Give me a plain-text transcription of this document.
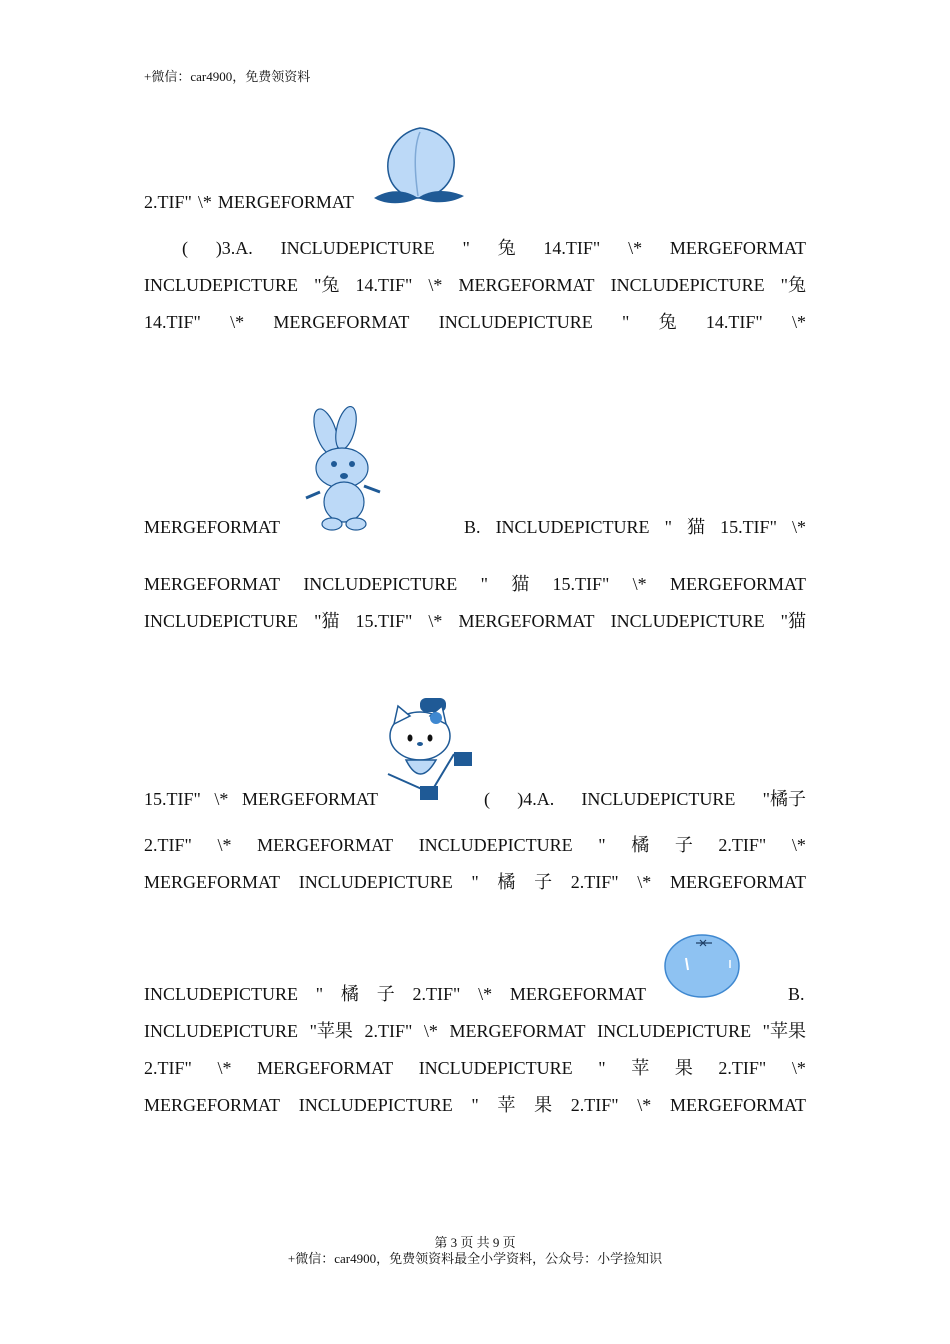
+微信：car4900，免费领资料
2.TIF" \* MERGEFORMAT
( )3.A. INCLUDEPICTURE " 兔 14.TIF" \* MERGEFORMAT
INCLUDEPICTURE "兔 14.TIF" \* MERGEFORMAT INCLUDEPICTURE "兔
14.TIF" \* MERGEFORMAT INCLUDEPICTURE " 兔 14.TIF" \*
MERGEFORMAT	B. INCLUDEPICTURE " 猫 15.TIF" \*
MERGEFORMAT INCLUDEPICTURE " 猫 15.TIF" \* MERGEFORMAT
INCLUDEPICTURE "猫 15.TIF" \* MERGEFORMAT INCLUDEPICTURE "猫
15.TIF" \* MERGEFORMAT	( )4.A. INCLUDEPICTURE "橘子
2.TIF" \* MERGEFORMAT INCLUDEPICTURE " 橘 子 2.TIF" \*
MERGEFORMAT INCLUDEPICTURE " 橘 子 2.TIF" \* MERGEFORMAT
INCLUDEPICTURE " 橘 子 2.TIF" \* MERGEFORMAT	B.
INCLUDEPICTURE "苹果 2.TIF" \* MERGEFORMAT INCLUDEPICTURE "苹果
2.TIF" \* MERGEFORMAT INCLUDEPICTURE " 苹 果 2.TIF" \*
MERGEFORMAT INCLUDEPICTURE " 苹 果 2.TIF" \* MERGEFORMAT
第 3 页 共 9 页
+微信：car4900，免费领资料最全小学资料，公众号：小学捡知识
